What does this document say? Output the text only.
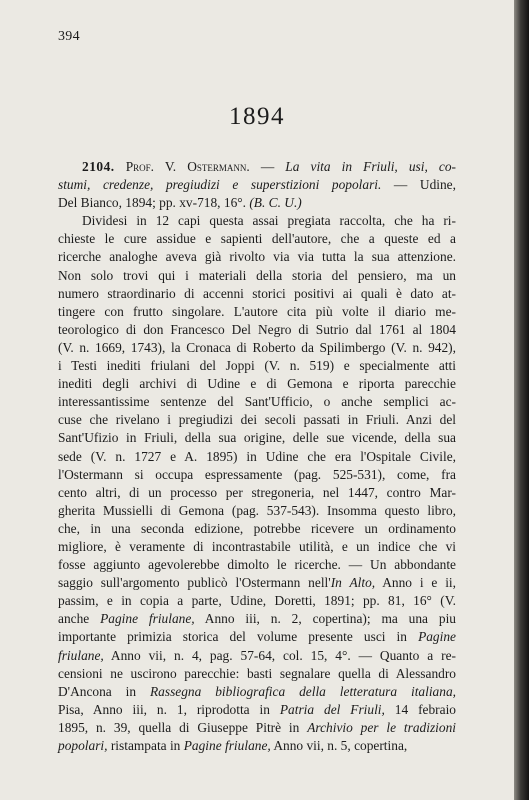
394
1894
2104. Prof. V. Ostermann. — La vita in Friuli, usi, co-
stumi, credenze, pregiudizi e superstizioni popolari. — Udine,
Del Bianco, 1894; pp. xv-718, 16°. (B. C. U.)
Dividesi in 12 capi questa assai pregiata raccolta, che ha ri-
chieste le cure assidue e sapienti dell'autore, che a queste ed a
ricerche analoghe aveva già rivolto via via tutta la sua attenzione.
Non solo trovi qui i materiali della storia del pensiero, ma un
numero straordinario di accenni storici positivi ai quali è dato at-
tingere con frutto singolare. L'autore cita più volte il diario me-
teorologico di don Francesco Del Negro di Sutrio dal 1761 al 1804
(V. n. 1669, 1743), la Cronaca di Roberto da Spilimbergo (V. n. 942),
i Testi inediti friulani del Joppi (V. n. 519) e specialmente atti
inediti degli archivi di Udine e di Gemona e riporta parecchie
interessantissime sentenze del Sant'Ufficio, o anche semplici ac-
cuse che rivelano i pregiudizi dei secoli passati in Friuli. Anzi del
Sant'Ufizio in Friuli, della sua origine, delle sue vicende, della sua
sede (V. n. 1727 e A. 1895) in Udine che era l'Ospitale Civile,
l'Ostermann si occupa espressamente (pag. 525-531), come, fra
cento altri, di un processo per stregoneria, nel 1447, contro Mar-
gherita Mussielli di Gemona (pag. 537-543). Insomma questo libro,
che, in una seconda edizione, potrebbe ricevere un ordinamento
migliore, è veramente di incontrastabile utilità, e un indice che vi
fosse aggiunto agevolerebbe dimolto le ricerche. — Un abbondante
saggio sull'argomento publicò l'Ostermann nell'In Alto, Anno i e ii,
passim, e in copia a parte, Udine, Doretti, 1891; pp. 81, 16° (V.
anche Pagine friulane, Anno iii, n. 2, copertina); ma una piu
importante primizia storica del volume presente usci in Pagine
friulane, Anno vii, n. 4, pag. 57-64, col. 15, 4°. — Quanto a re-
censioni ne uscirono parecchie: basti segnalare quella di Alessandro
D'Ancona in Rassegna bibliografica della letteratura italiana,
Pisa, Anno iii, n. 1, riprodotta in Patria del Friuli, 14 febraio
1895, n. 39, quella di Giuseppe Pitrè in Archivio per le tradizioni
popolari, ristampata in Pagine friulane, Anno vii, n. 5, copertina,
